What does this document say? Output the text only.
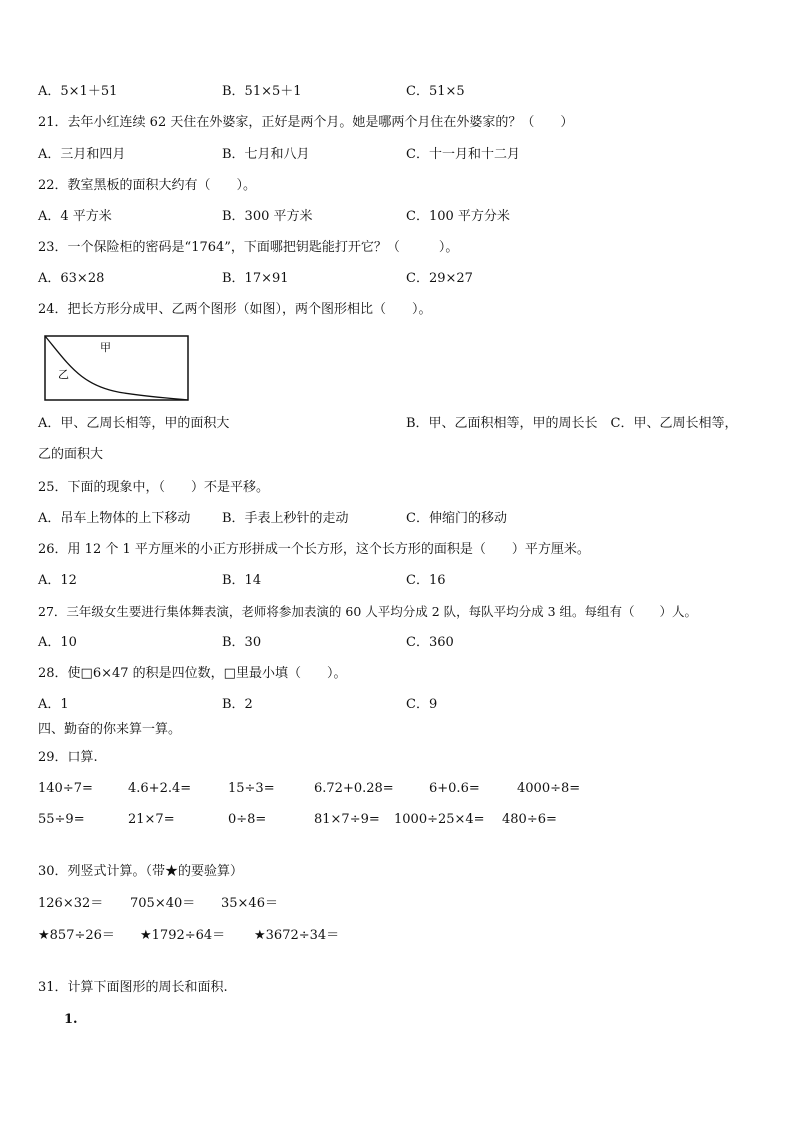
A．5×1＋51	B．51×5＋1	C．51×5
21．去年小红连续 62 天住在外婆家，正好是两个月。她是哪两个月住在外婆家的？（　　）
A．三月和四月	B．七月和八月	C．十一月和十二月
22．教室黑板的面积大约有（　　）。
A．4 平方米	B．300 平方米	C．100 平方分米
23．一个保险柜的密码是“1764”，下面哪把钥匙能打开它？（　　　）。
A．63×28	B．17×91	C．29×27
24．把长方形分成甲、乙两个图形（如图），两个图形相比（　　）。
甲
乙
A．甲、乙周长相等，甲的面积大	B．甲、乙面积相等，甲的周长长　C．甲、乙周长相等，
乙的面积大
25．下面的现象中，（　　）不是平移。
A．吊车上物体的上下移动 B．手表上秒针的走动	C．伸缩门的移动
26．用 12 个 1 平方厘米的小正方形拼成一个长方形，这个长方形的面积是（　　）平方厘米。
A．12	B．14	C．16
27．三年级女生要进行集体舞表演，老师将参加表演的 60 人平均分成 2 队，每队平均分成 3 组。每组有（　　）人。
A．10	B．30	C．360
28．使□6×47 的积是四位数，□里最小填（　　）。
A．1	B．2	C．9
四、勤奋的你来算一算。
29．口算.
140÷7=	4.6+2.4=	15÷3=	6.72+0.28=	6+0.6=	4000÷8=
55÷9=	21×7=	0÷8=	81×7÷9= 1000÷25×4= 480÷6=
30．列竖式计算。（带★的要验算）
126×32＝ 705×40＝ 35×46＝
★857÷26＝ ★1792÷64＝ ★3672÷34＝
31．计算下面图形的周长和面积.
1.
